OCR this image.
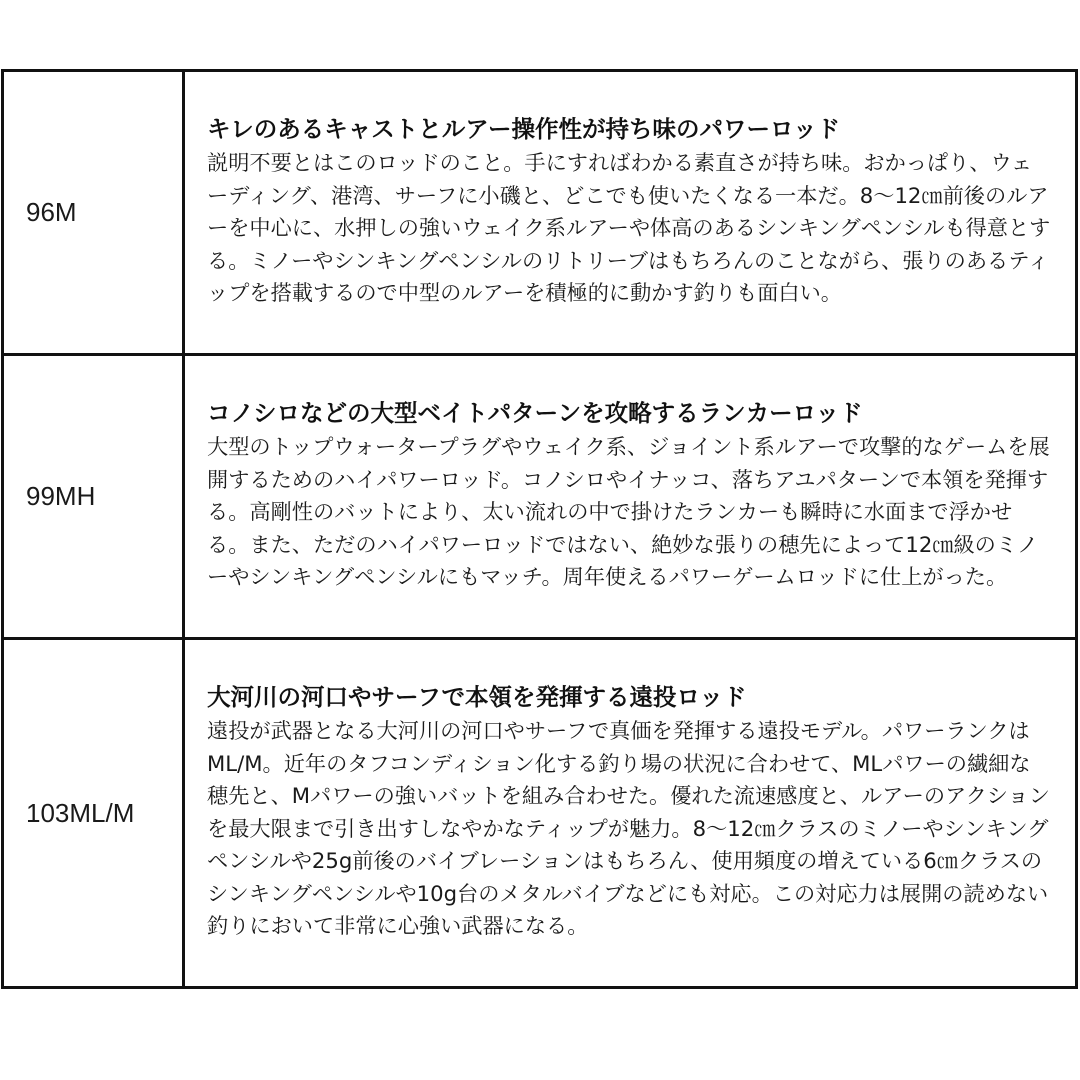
96M	キレのあるキャストとルアー操作性が持ち味のパワーロッド

説明不要とはこのロッドのこと。手にすればわかる素直さが持ち味。おかっぱり、ウェーディング、港湾、サーフに小磯と、どこでも使いたくなる一本だ。8〜12㎝前後のルアーを中心に、水押しの強いウェイク系ルアーや体高のあるシンキングペンシルも得意とする。ミノーやシンキングペンシルのリトリーブはもちろんのことながら、張りのあるティップを搭載するので中型のルアーを積極的に動かす釣りも面白い。

99MH	コノシロなどの大型ベイトパターンを攻略するランカーロッド

大型のトップウォータープラグやウェイク系、ジョイント系ルアーで攻撃的なゲームを展開するためのハイパワーロッド。コノシロやイナッコ、落ちアユパターンで本領を発揮する。高剛性のバットにより、太い流れの中で掛けたランカーも瞬時に水面まで浮かせる。また、ただのハイパワーロッドではない、絶妙な張りの穂先によって12㎝級のミノーやシンキングペンシルにもマッチ。周年使えるパワーゲームロッドに仕上がった。

103ML/M	大河川の河口やサーフで本領を発揮する遠投ロッド

遠投が武器となる大河川の河口やサーフで真価を発揮する遠投モデル。パワーランクはML/M。近年のタフコンディション化する釣り場の状況に合わせて、MLパワーの繊細な穂先と、Mパワーの強いバットを組み合わせた。優れた流速感度と、ルアーのアクションを最大限まで引き出すしなやかなティップが魅力。8〜12㎝クラスのミノーやシンキングペンシルや25g前後のバイブレーションはもちろん、使用頻度の増えている6㎝クラスのシンキングペンシルや10g台のメタルバイブなどにも対応。この対応力は展開の読めない釣りにおいて非常に心強い武器になる。
